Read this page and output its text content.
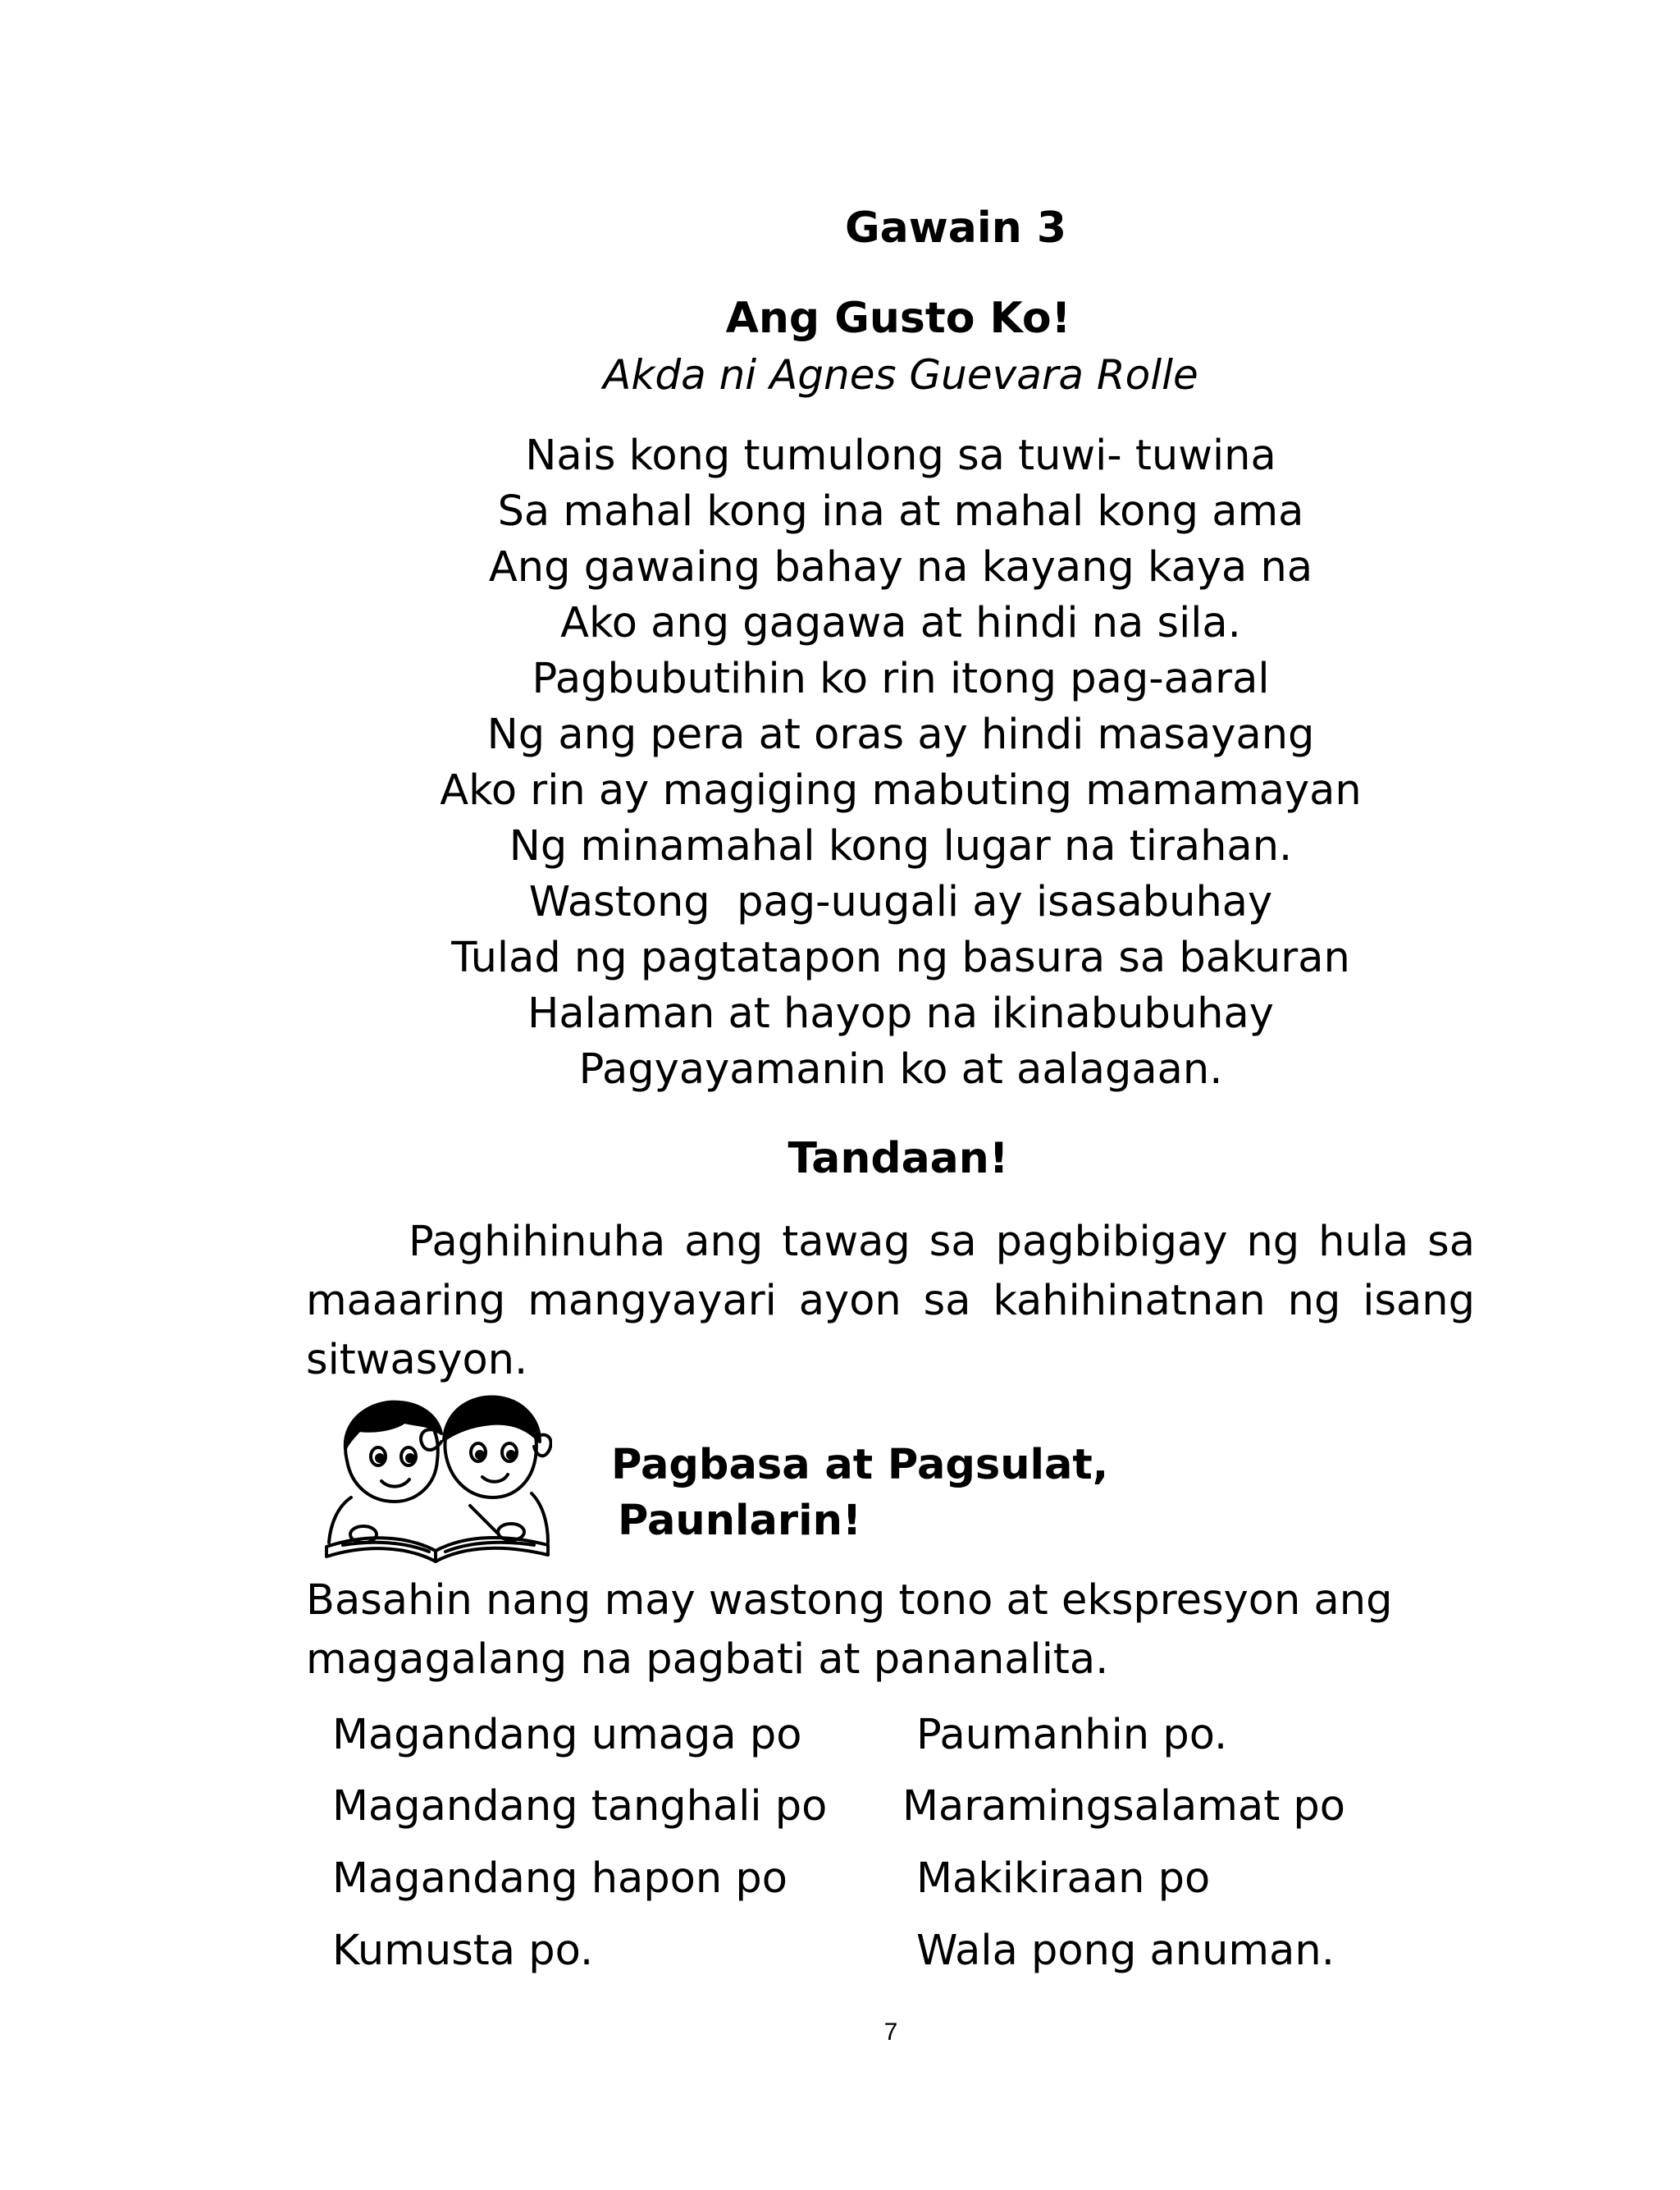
Gawain 3
Ang Gusto Ko!
Akda ni Agnes Guevara Rolle
Nais kong tumulong sa tuwi- tuwina
Sa mahal kong ina at mahal kong ama
Ang gawaing bahay na kayang kaya na
Ako ang gagawa at hindi na sila.
Pagbubutihin ko rin itong pag-aaral
Ng ang pera at oras ay hindi masayang
Ako rin ay magiging mabuting mamamayan
Ng minamahal kong lugar na tirahan.
Wastong  pag-uugali ay isasabuhay
Tulad ng pagtatapon ng basura sa bakuran
Halaman at hayop na ikinabubuhay
Pagyayamanin ko at aalagaan.
Tandaan!
Paghihinuha ang tawag sa pagbibigay ng hula sa maaaring mangyayari ayon sa kahihinatnan ng isang sitwasyon.
Pagbasa at Pagsulat,
Paunlarin!
Basahin nang may wastong tono at ekspresyon ang magagalang na pagbati at pananalita.
Magandang umaga po
Magandang tanghali po
Magandang hapon po
Kumusta po.
Paumanhin po.
Maramingsalamat po
Makikiraan po
Wala pong anuman.
7
